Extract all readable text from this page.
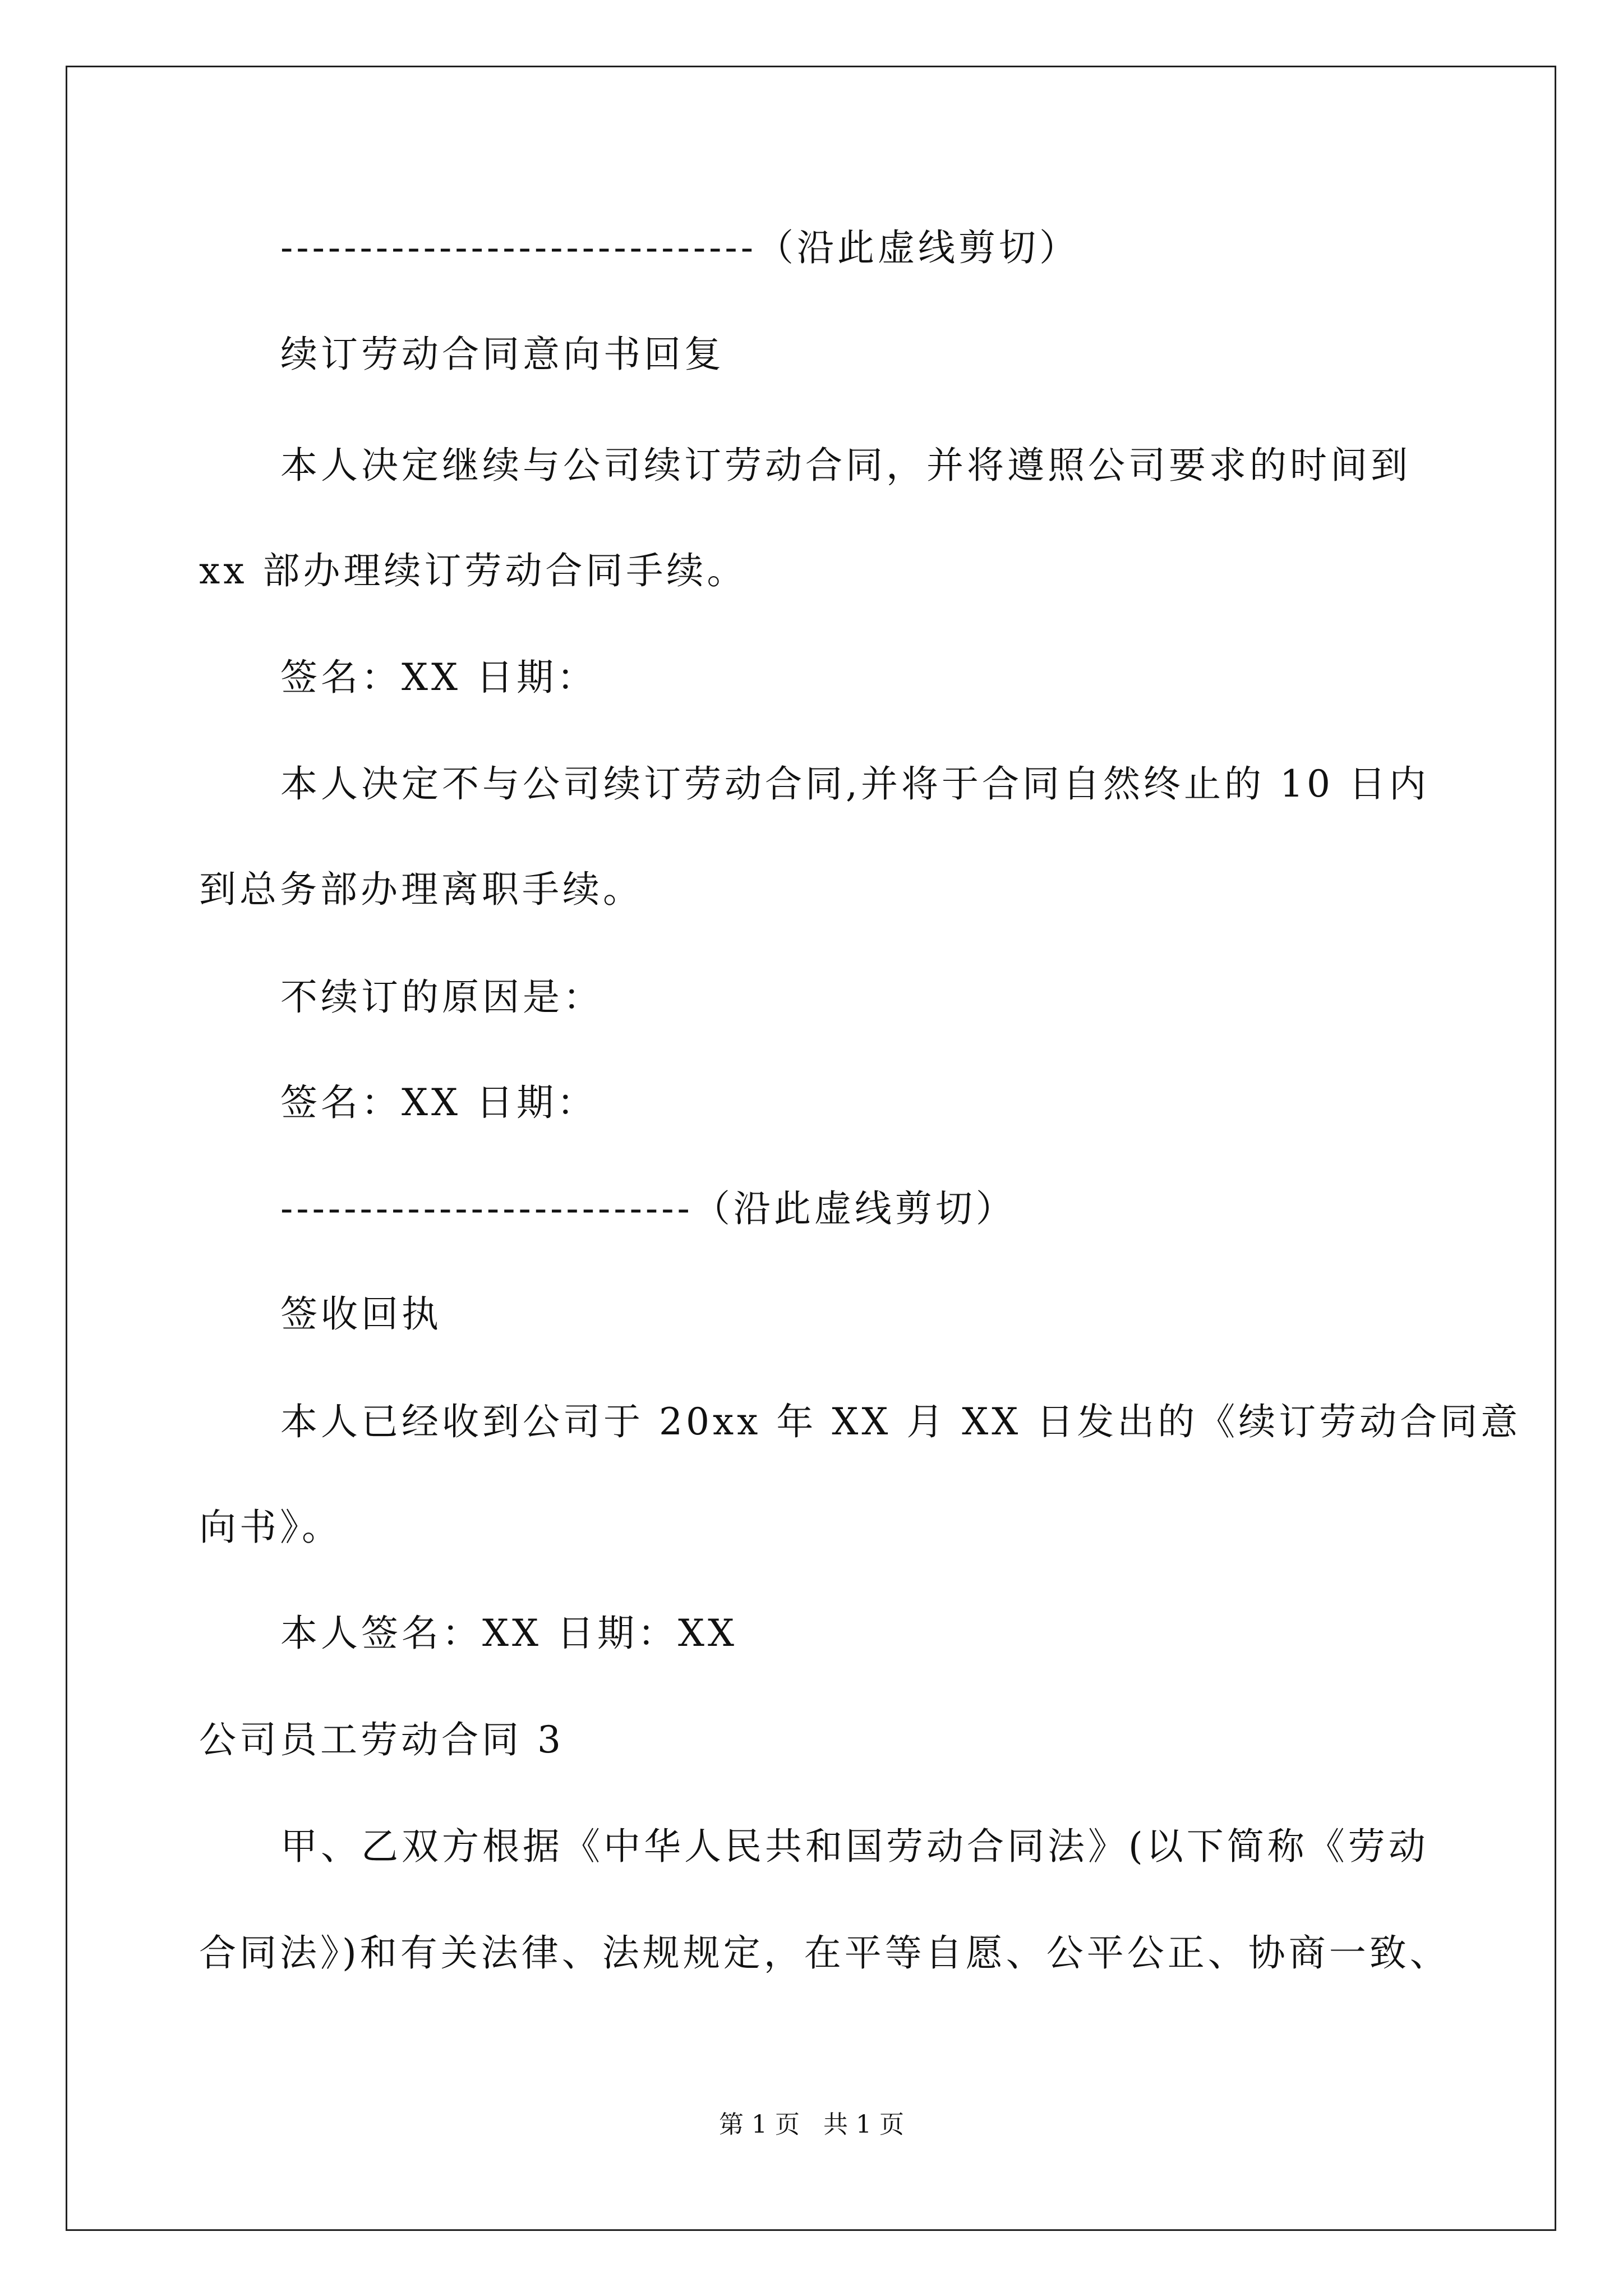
------------------------------（沿此虚线剪切）
续订劳动合同意向书回复
本人决定继续与公司续订劳动合同，并将遵照公司要求的时间到
xx 部办理续订劳动合同手续。
签名：XX 日期：
本人决定不与公司续订劳动合同,并将于合同自然终止的 10 日内
到总务部办理离职手续。
不续订的原因是：
签名：XX 日期：
--------------------------（沿此虚线剪切）
签收回执
本人已经收到公司于 20xx 年 XX 月 XX 日发出的《续订劳动合同意
向书》。
本人签名：XX 日期：XX
公司员工劳动合同 3
甲、乙双方根据《中华人民共和国劳动合同法》(以下简称《劳动
合同法》)和有关法律、法规规定，在平等自愿、公平公正、协商一致、
第 1 页   共 1 页
